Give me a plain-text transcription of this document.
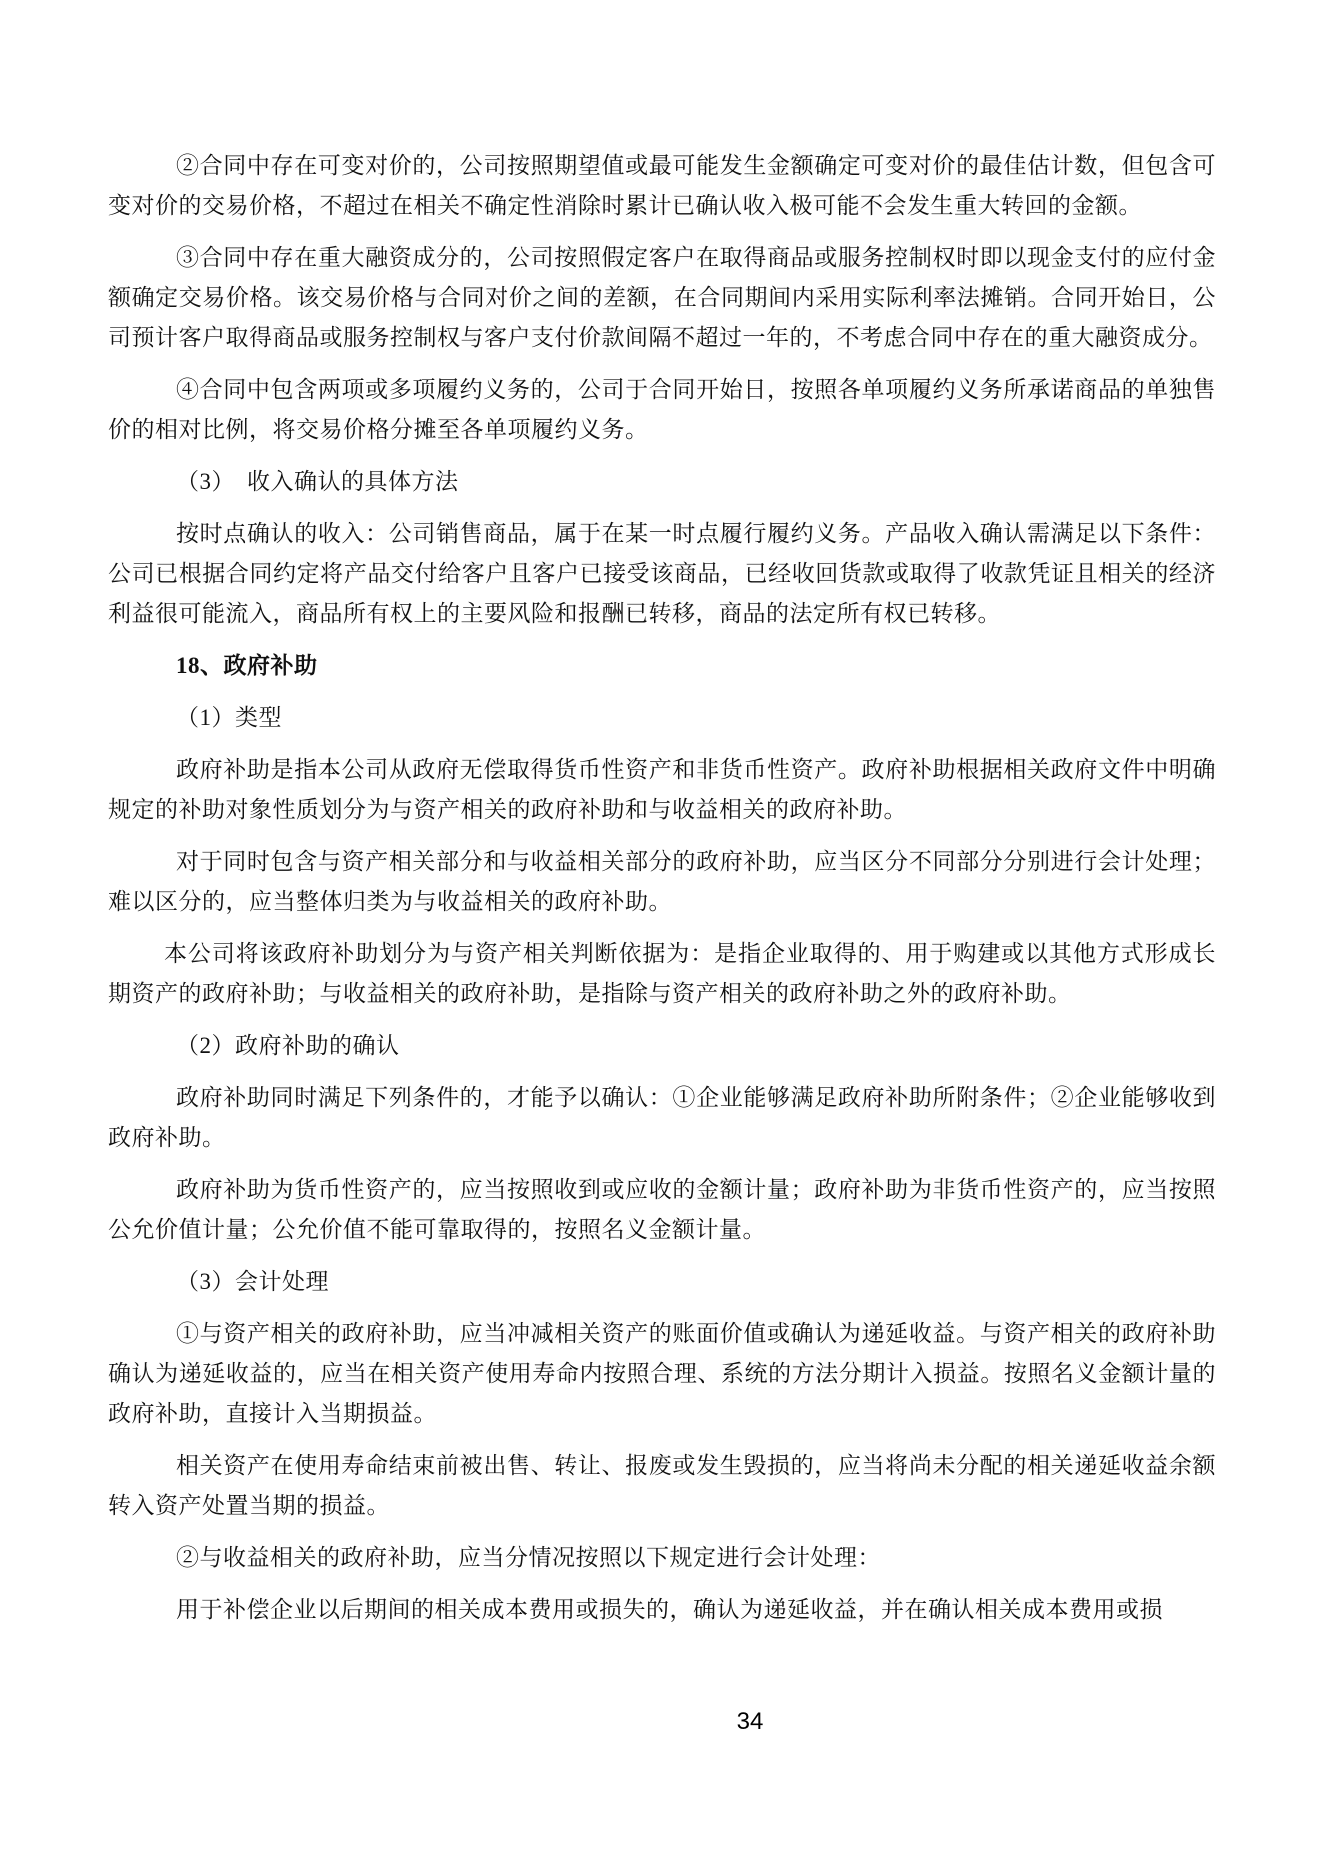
②合同中存在可变对价的，公司按照期望值或最可能发生金额确定可变对价的最佳估计数，但包含可变对价的交易价格，不超过在相关不确定性消除时累计已确认收入极可能不会发生重大转回的金额。

③合同中存在重大融资成分的，公司按照假定客户在取得商品或服务控制权时即以现金支付的应付金额确定交易价格。该交易价格与合同对价之间的差额，在合同期间内采用实际利率法摊销。合同开始日，公司预计客户取得商品或服务控制权与客户支付价款间隔不超过一年的，不考虑合同中存在的重大融资成分。

④合同中包含两项或多项履约义务的，公司于合同开始日，按照各单项履约义务所承诺商品的单独售价的相对比例，将交易价格分摊至各单项履约义务。

（3）　收入确认的具体方法

按时点确认的收入：公司销售商品，属于在某一时点履行履约义务。产品收入确认需满足以下条件：公司已根据合同约定将产品交付给客户且客户已接受该商品，已经收回货款或取得了收款凭证且相关的经济利益很可能流入，商品所有权上的主要风险和报酬已转移，商品的法定所有权已转移。

18、政府补助

（1）类型

政府补助是指本公司从政府无偿取得货币性资产和非货币性资产。政府补助根据相关政府文件中明确规定的补助对象性质划分为与资产相关的政府补助和与收益相关的政府补助。

对于同时包含与资产相关部分和与收益相关部分的政府补助，应当区分不同部分分别进行会计处理；难以区分的，应当整体归类为与收益相关的政府补助。

本公司将该政府补助划分为与资产相关判断依据为：是指企业取得的、用于购建或以其他方式形成长期资产的政府补助；与收益相关的政府补助，是指除与资产相关的政府补助之外的政府补助。

（2）政府补助的确认

政府补助同时满足下列条件的，才能予以确认：①企业能够满足政府补助所附条件；②企业能够收到政府补助。

政府补助为货币性资产的，应当按照收到或应收的金额计量；政府补助为非货币性资产的，应当按照公允价值计量；公允价值不能可靠取得的，按照名义金额计量。

（3）会计处理

①与资产相关的政府补助，应当冲减相关资产的账面价值或确认为递延收益。与资产相关的政府补助确认为递延收益的，应当在相关资产使用寿命内按照合理、系统的方法分期计入损益。按照名义金额计量的政府补助，直接计入当期损益。

相关资产在使用寿命结束前被出售、转让、报废或发生毁损的，应当将尚未分配的相关递延收益余额转入资产处置当期的损益。

②与收益相关的政府补助，应当分情况按照以下规定进行会计处理：

用于补偿企业以后期间的相关成本费用或损失的，确认为递延收益，并在确认相关成本费用或损

34
